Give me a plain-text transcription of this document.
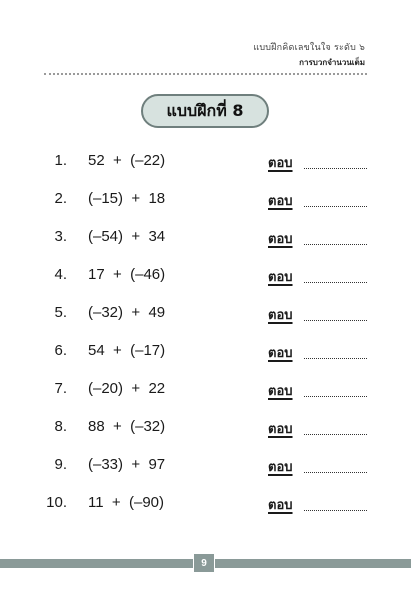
แบบฝึกคิดเลขในใจ ระดับ ๖
การบวกจำนวนเต็ม
แบบฝึกที่ 8
1. 52  +  (–22)	ตอบ
2. (–15)  +  18	ตอบ
3. (–54)  +  34	ตอบ
4. 17  +  (–46)	ตอบ
5. (–32)  +  49	ตอบ
6. 54  +  (–17)	ตอบ
7. (–20)  +  22	ตอบ
8. 88  +  (–32)	ตอบ
9. (–33)  +  97	ตอบ
10. 11  +  (–90)	ตอบ
9
